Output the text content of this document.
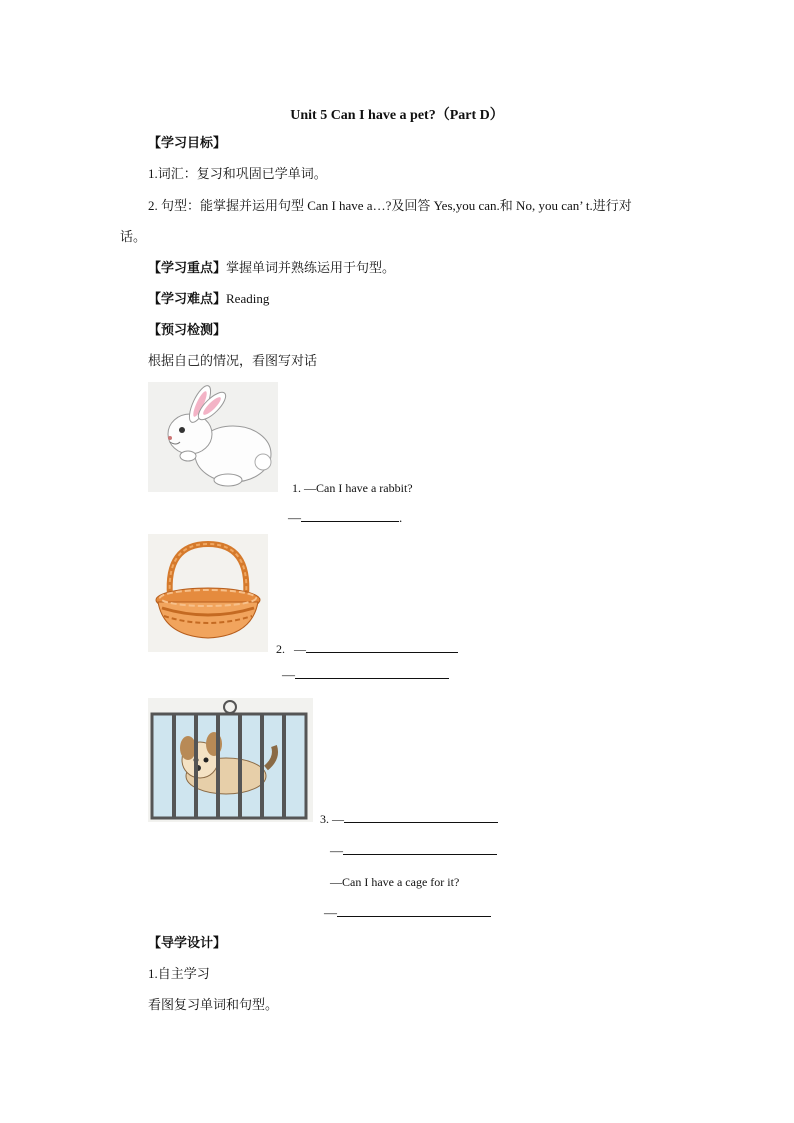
Unit 5 Can I have a pet?（Part D）
【学习目标】
1.词汇：复习和巩固已学单词。
2. 句型：能掌握并运用句型 Can I have a…?及回答 Yes,you can.和 No, you can’ t.进行对
话。
【学习重点】掌握单词并熟练运用于句型。
【学习难点】Reading
【预习检测】
根据自己的情况，看图写对话
1. —Can I have a rabbit?
—	.
2. —
—
3. —
—
—Can I have a cage for it?
—
【导学设计】
1.自主学习
看图复习单词和句型。
